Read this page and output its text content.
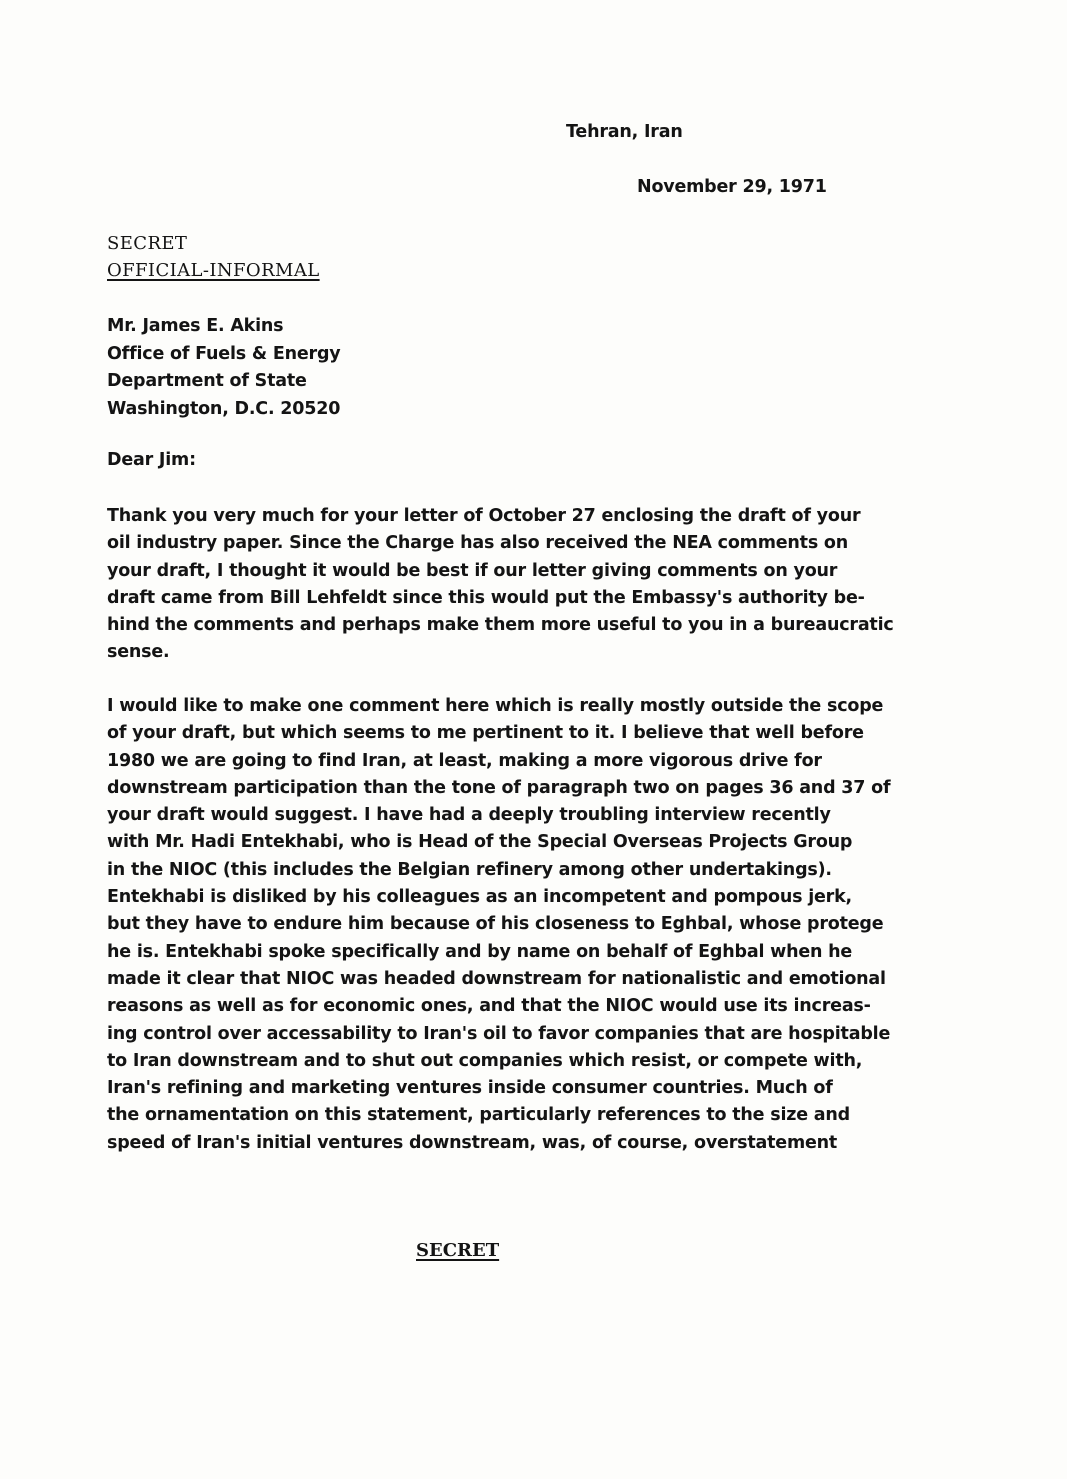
Tehran, Iran
November 29, 1971
SECRET
OFFICIAL-INFORMAL
Mr. James E. Akins
Office of Fuels & Energy
Department of State
Washington, D.C. 20520
Dear Jim:
Thank you very much for your letter of October 27 enclosing the draft of your
oil industry paper. Since the Charge has also received the NEA comments on
your draft, I thought it would be best if our letter giving comments on your
draft came from Bill Lehfeldt since this would put the Embassy's authority be-
hind the comments and perhaps make them more useful to you in a bureaucratic
sense.
I would like to make one comment here which is really mostly outside the scope
of your draft, but which seems to me pertinent to it. I believe that well before
1980 we are going to find Iran, at least, making a more vigorous drive for
downstream participation than the tone of paragraph two on pages 36 and 37 of
your draft would suggest. I have had a deeply troubling interview recently
with Mr. Hadi Entekhabi, who is Head of the Special Overseas Projects Group
in the NIOC (this includes the Belgian refinery among other undertakings).
Entekhabi is disliked by his colleagues as an incompetent and pompous jerk,
but they have to endure him because of his closeness to Eghbal, whose protege
he is. Entekhabi spoke specifically and by name on behalf of Eghbal when he
made it clear that NIOC was headed downstream for nationalistic and emotional
reasons as well as for economic ones, and that the NIOC would use its increas-
ing control over accessability to Iran's oil to favor companies that are hospitable
to Iran downstream and to shut out companies which resist, or compete with,
Iran's refining and marketing ventures inside consumer countries. Much of
the ornamentation on this statement, particularly references to the size and
speed of Iran's initial ventures downstream, was, of course, overstatement
SECRET
